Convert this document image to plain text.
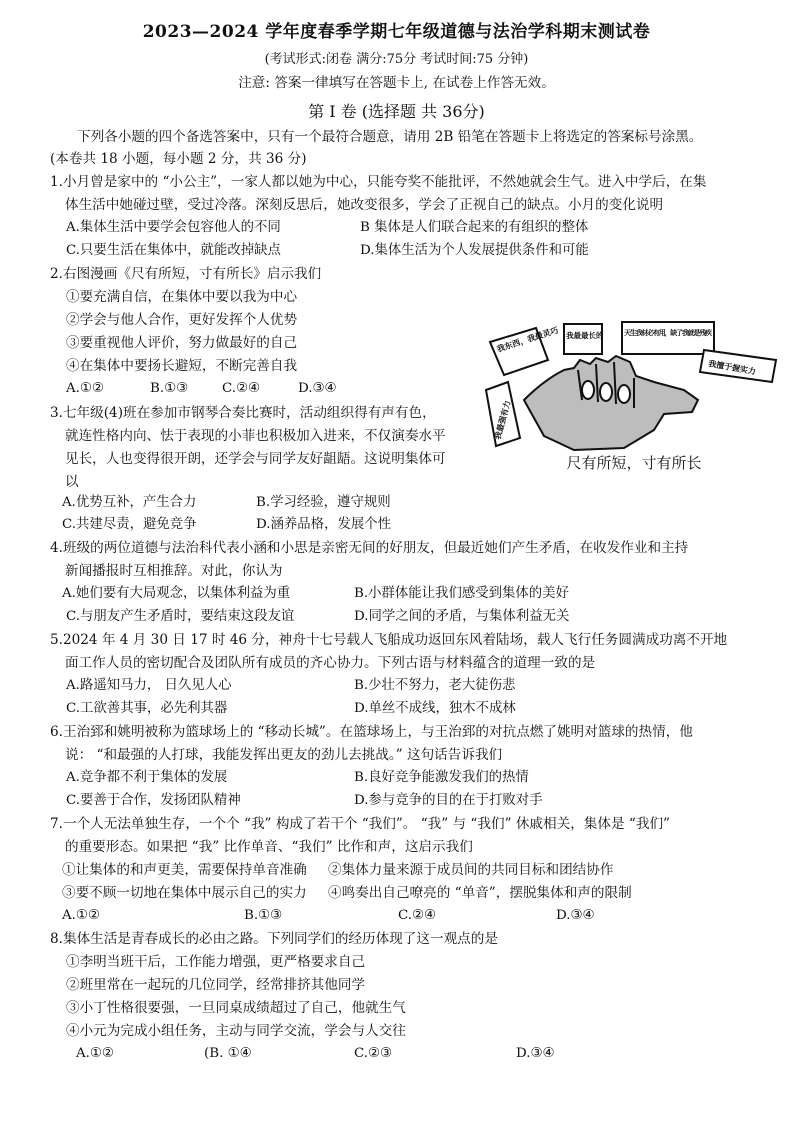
2023—2024 学年度春季学期七年级道德与法治学科期末测试卷
(考试形式:闭卷 满分:75分 考试时间:75 分钟)
注意: 答案一律填写在答题卡上, 在试卷上作答无效。
第 I 卷 (选择题 共 36分)
下列各小题的四个备选答案中，只有一个最符合题意，请用 2B 铅笔在答题卡上将选定的答案标号涂黑。
(本卷共 18 小题，每小题 2 分，共 36 分)
1.小月曾是家中的 “小公主”，一家人都以她为中心，只能夸奖不能批评，不然她就会生气。进入中学后，在集
体生活中她碰过壁，受过冷落。深刻反思后，她改变很多，学会了正视自己的缺点。小月的变化说明
A.集体生活中要学会包容他人的不同	B 集体是人们联合起来的有组织的整体
C.只要生活在集体中，就能改掉缺点	D.集体生活为个人发展提供条件和可能
2.右图漫画《尺有所短，寸有所长》启示我们
①要充满自信，在集体中要以我为中心
②学会与他人合作，更好发挥个人优势
③要重视他人评价，努力做最好的自己
④在集体中要扬长避短，不断完善自我
A.①②	B.①③	C.②④	D.③④
我东西，我最灵巧 我最最长的	天生我材必有用，缺了我就是残疾
我擅于握实力
我最强有力
尺有所短，寸有所长
3.七年级(4)班在参加市钢琴合奏比赛时，活动组织得有声有色，
就连性格内向、怯于表现的小菲也积极加入进来，不仅演奏水平
见长，人也变得很开朗，还学会与同学友好龃龉。这说明集体可
以
A.优势互补，产生合力	B.学习经验，遵守规则
C.共建尽责，避免竞争	D.涵养品格，发展个性
4.班级的两位道德与法治科代表小涵和小思是亲密无间的好朋友，但最近她们产生矛盾，在收发作业和主持
新闻播报时互相推辞。对此，你认为
A.她们要有大局观念，以集体利益为重	B.小群体能让我们感受到集体的美好
C.与朋友产生矛盾时，要结束这段友谊	D.同学之间的矛盾，与集体利益无关
5.2024 年 4 月 30 日 17 时 46 分，神舟十七号载人飞船成功返回东风着陆场，载人飞行任务圆满成功离不开地
面工作人员的密切配合及团队所有成员的齐心协力。下列古语与材料蕴含的道理一致的是
A.路遥知马力， 日久见人心	B.少壮不努力，老大徒伤悲
C.工欲善其事，必先利其器	D.单丝不成线，独木不成林
6.王治郅和姚明被称为篮球场上的 “移动长城”。在篮球场上，与王治郅的对抗点燃了姚明对篮球的热情，他
说： “和最强的人打球，我能发挥出更友的劲儿去挑战。” 这句话告诉我们
A.竞争都不利于集体的发展	B.良好竞争能激发我们的热情
C.要善于合作，发扬团队精神	D.参与竞争的目的在于打败对手
7.一个人无法单独生存，一个个 “我” 构成了若干个 “我们”。 “我” 与 “我们” 休戚相关，集体是 “我们”
的重要形态。如果把 “我” 比作单音、“我们” 比作和声，这启示我们
①让集体的和声更美，需要保持单音准确 ②集体力量来源于成员间的共同目标和团结协作
③要不顾一切地在集体中展示自己的实力 ④鸣奏出自己嘹亮的 “单音”，摆脱集体和声的限制
A.①②	B.①③	C.②④	D.③④
8.集体生活是青春成长的必由之路。下列同学们的经历体现了这一观点的是
①李明当班干后，工作能力增强，更严格要求自己
②班里常在一起玩的几位同学，经常排挤其他同学
③小丁性格很要强，一旦同桌成绩超过了自己，他就生气
④小元为完成小组任务，主动与同学交流，学会与人交往
A.①②	(B. ①④	C.②③	D.③④
